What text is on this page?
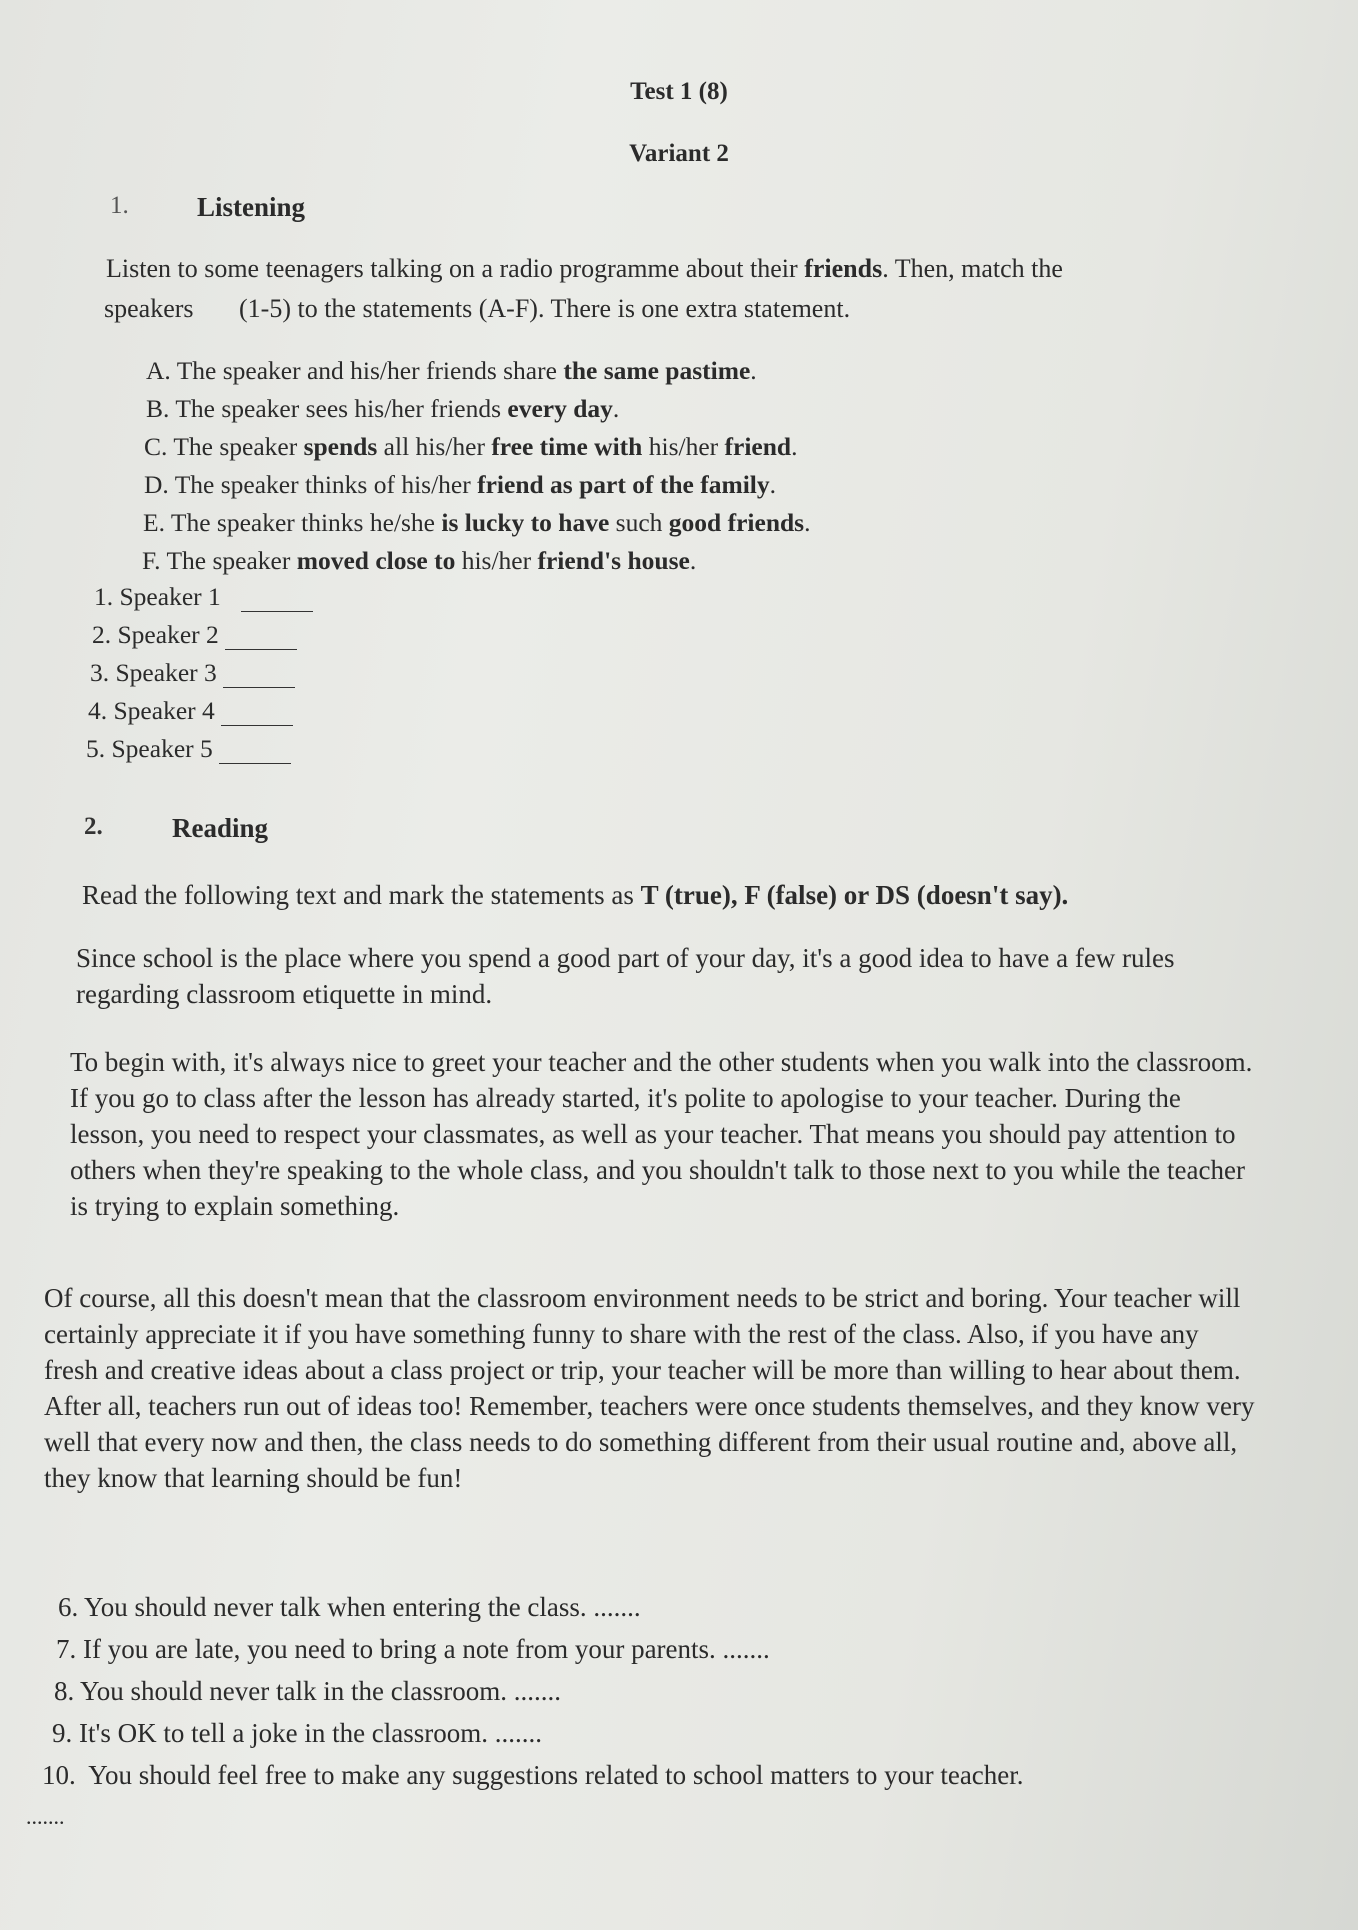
Test 1 (8)
Variant 2
1.	Listening
Listen to some teenagers talking on a radio programme about their friends. Then, match the
speakers       (1-5) to the statements (A-F). There is one extra statement.
A. The speaker and his/her friends share the same pastime.
B. The speaker sees his/her friends every day.
C. The speaker spends all his/her free time with his/her friend.
D. The speaker thinks of his/her friend as part of the family.
E. The speaker thinks he/she is lucky to have such good friends.
F. The speaker moved close to his/her friend's house.
1. Speaker 1
2. Speaker 2
3. Speaker 3
4. Speaker 4
5. Speaker 5
2.	Reading
Read the following text and mark the statements as T (true), F (false) or DS (doesn't say).
Since school is the place where you spend a good part of your day, it's a good idea to have a few rules regarding classroom etiquette in mind.
To begin with, it's always nice to greet your teacher and the other students when you walk into the classroom. If you go to class after the lesson has already started, it's polite to apologise to your teacher. During the lesson, you need to respect your classmates, as well as your teacher. That means you should pay attention to others when they're speaking to the whole class, and you shouldn't talk to those next to you while the teacher is trying to explain something.
Of course, all this doesn't mean that the classroom environment needs to be strict and boring. Your teacher will certainly appreciate it if you have something funny to share with the rest of the class. Also, if you have any fresh and creative ideas about a class project or trip, your teacher will be more than willing to hear about them. After all, teachers run out of ideas too! Remember, teachers were once students themselves, and they know very well that every now and then, the class needs to do something different from their usual routine and, above all, they know that learning should be fun!
6. You should never talk when entering the class. .......
7. If you are late, you need to bring a note from your parents. .......
8. You should never talk in the classroom. .......
9. It's OK to tell a joke in the classroom. .......
10.  You should feel free to make any suggestions related to school matters to your teacher.
.......
